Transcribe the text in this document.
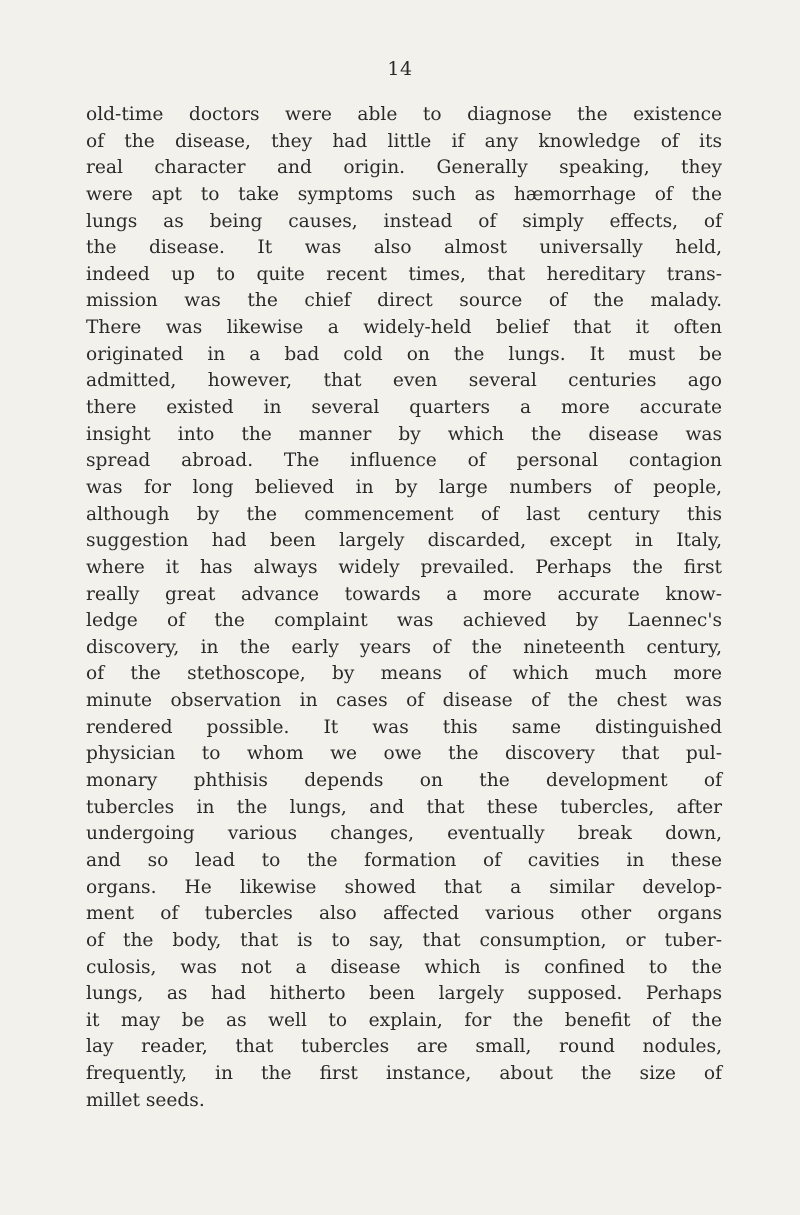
14
old-time doctors were able to diagnose the existence
of the disease, they had little if any knowledge of its
real character and origin. Generally speaking, they
were apt to take symptoms such as hæmorrhage of the
lungs as being causes, instead of simply effects, of
the disease. It was also almost universally held,
indeed up to quite recent times, that hereditary trans-
mission was the chief direct source of the malady.
There was likewise a widely-held belief that it often
originated in a bad cold on the lungs. It must be
admitted, however, that even several centuries ago
there existed in several quarters a more accurate
insight into the manner by which the disease was
spread abroad. The influence of personal contagion
was for long believed in by large numbers of people,
although by the commencement of last century this
suggestion had been largely discarded, except in Italy,
where it has always widely prevailed. Perhaps the first
really great advance towards a more accurate know-
ledge of the complaint was achieved by Laennec's
discovery, in the early years of the nineteenth century,
of the stethoscope, by means of which much more
minute observation in cases of disease of the chest was
rendered possible. It was this same distinguished
physician to whom we owe the discovery that pul-
monary phthisis depends on the development of
tubercles in the lungs, and that these tubercles, after
undergoing various changes, eventually break down,
and so lead to the formation of cavities in these
organs. He likewise showed that a similar develop-
ment of tubercles also affected various other organs
of the body, that is to say, that consumption, or tuber-
culosis, was not a disease which is confined to the
lungs, as had hitherto been largely supposed. Perhaps
it may be as well to explain, for the benefit of the
lay reader, that tubercles are small, round nodules,
frequently, in the first instance, about the size of
millet seeds.
